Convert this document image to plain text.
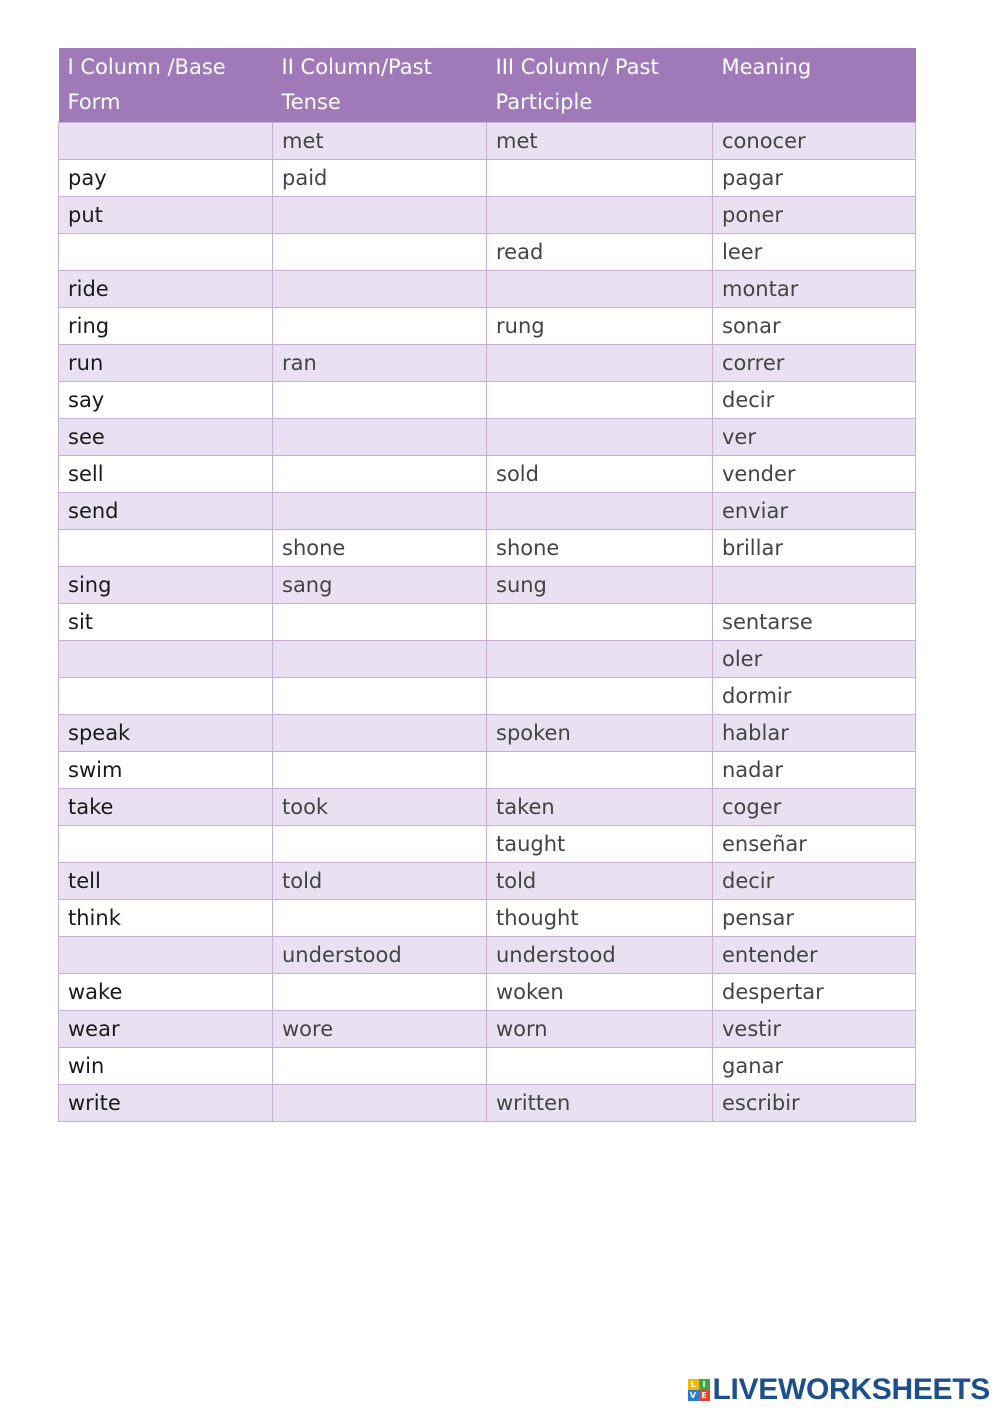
I Column /Base Form	II Column/Past Tense	III Column/ Past Participle	Meaning
	met	met	conocer
pay	paid		pagar
put			poner
		read	leer
ride			montar
ring		rung	sonar
run	ran		correr
say			decir
see			ver
sell		sold	vender
send			enviar
	shone	shone	brillar
sing	sang	sung	
sit			sentarse
			oler
			dormir
speak		spoken	hablar
swim			nadar
take	took	taken	coger
		taught	enseñar
tell	told	told	decir
think		thought	pensar
	understood	understood	entender
wake		woken	despertar
wear	wore	worn	vestir
win			ganar
write		written	escribir
L I
V E LIVEWORKSHEETS
